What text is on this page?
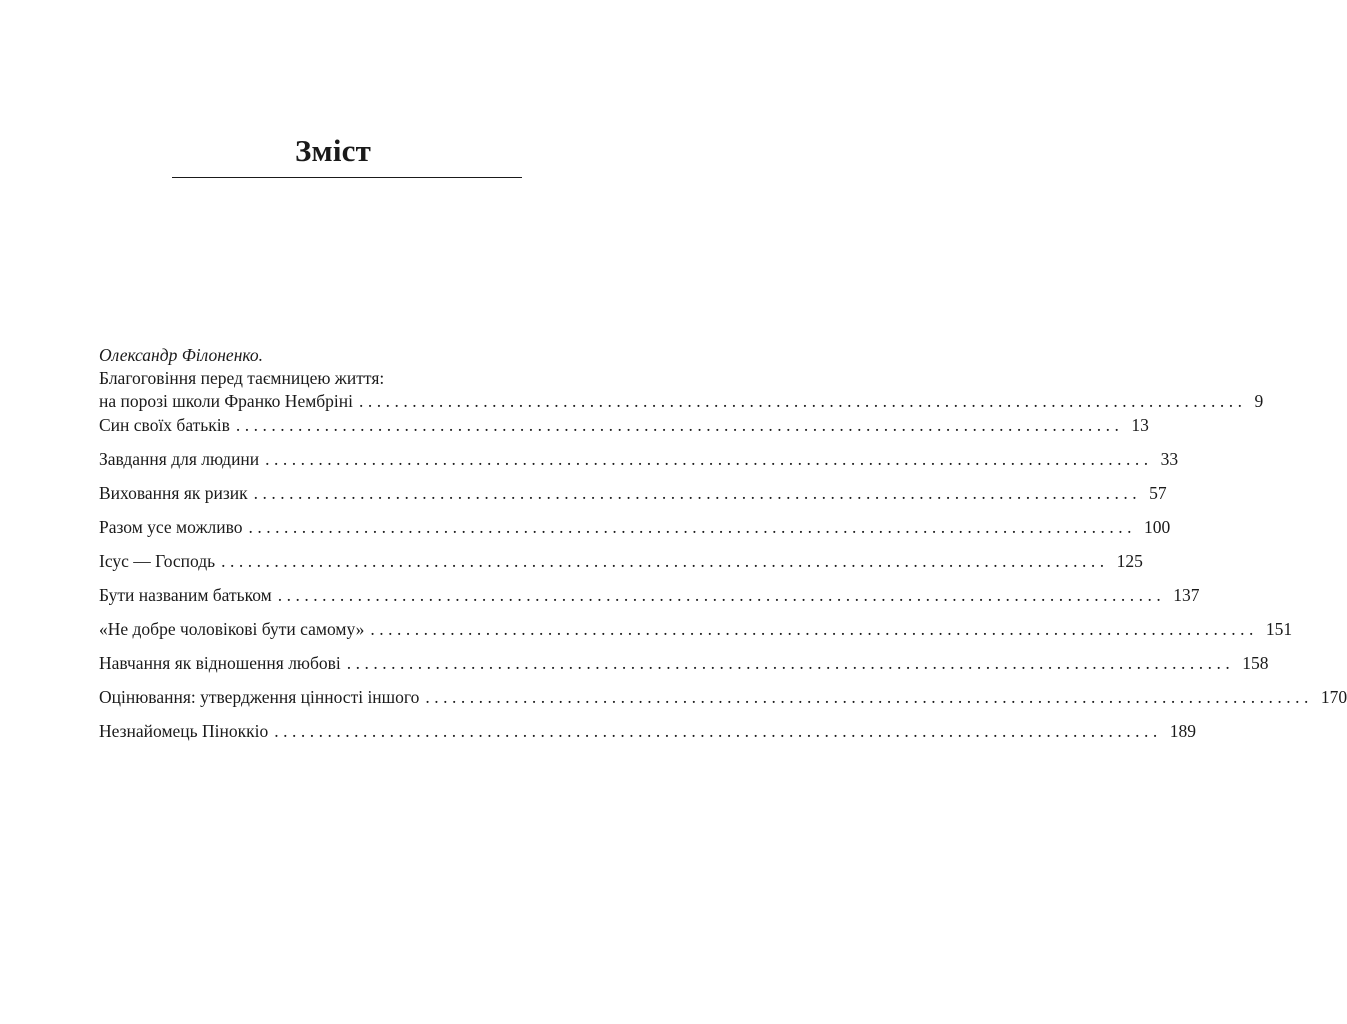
Зміст
Олександр Філоненко.
Благоговіння перед таємницею життя:
на порозі школи Франко Нембріні .................................................................................................... 9
Син своїх батьків .................................................................................................... 13
Завдання для людини .................................................................................................... 33
Виховання як ризик .................................................................................................... 57
Разом усе можливо .................................................................................................... 100
Ісус — Господь .................................................................................................... 125
Бути названим батьком .................................................................................................... 137
«Не добре чоловікові бути самому» .................................................................................................... 151
Навчання як відношення любові .................................................................................................... 158
Оцінювання: утвердження цінності іншого .................................................................................................... 170
Незнайомець Піноккіо .................................................................................................... 189
